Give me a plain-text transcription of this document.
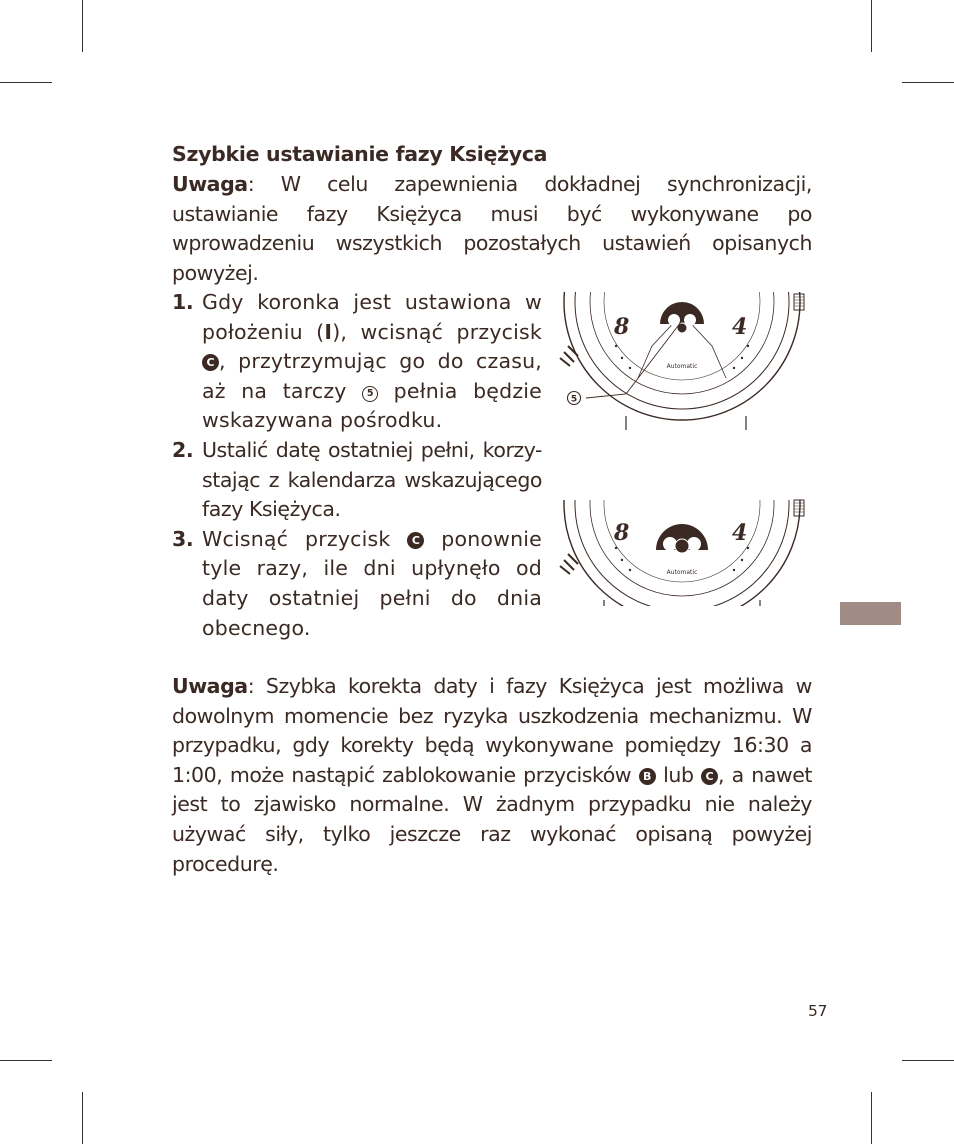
Szybkie ustawianie fazy Księżyca
Uwaga: W celu zapewnienia dokładnej synchronizacji, ustawianie fazy Księżyca musi być wykonywane po wprowadzeniu wszystkich pozostałych ustawień opisanych powyżej.
1. Gdy koronka jest ustawiona w położeniu (I), wcisnąć przycisk C , przytrzymując go do czasu, aż na tarczy 5 pełnia będzie wskazywana pośrodku.
2. Ustalić datę ostatniej pełni, korzy-stając z kalendarza wskazującego fazy Księżyca.
3. Wcisnąć przycisk C ponownie tyle razy, ile dni upłynęło od daty ostatniej pełni do dnia obecnego.
8	4
Automatic
5
8	4
Automatic
Uwaga: Szybka korekta daty i fazy Księżyca jest możliwa w dowolnym momencie bez ryzyka uszkodzenia mechanizmu. W przypadku, gdy korekty będą wykonywane pomiędzy 16:30 a 1:00, może nastąpić zablokowanie przycisków B lub C , a nawet jest to zjawisko normalne. W żadnym przypadku nie należy używać siły, tylko jeszcze raz wykonać opisaną powyżej procedurę.
57
